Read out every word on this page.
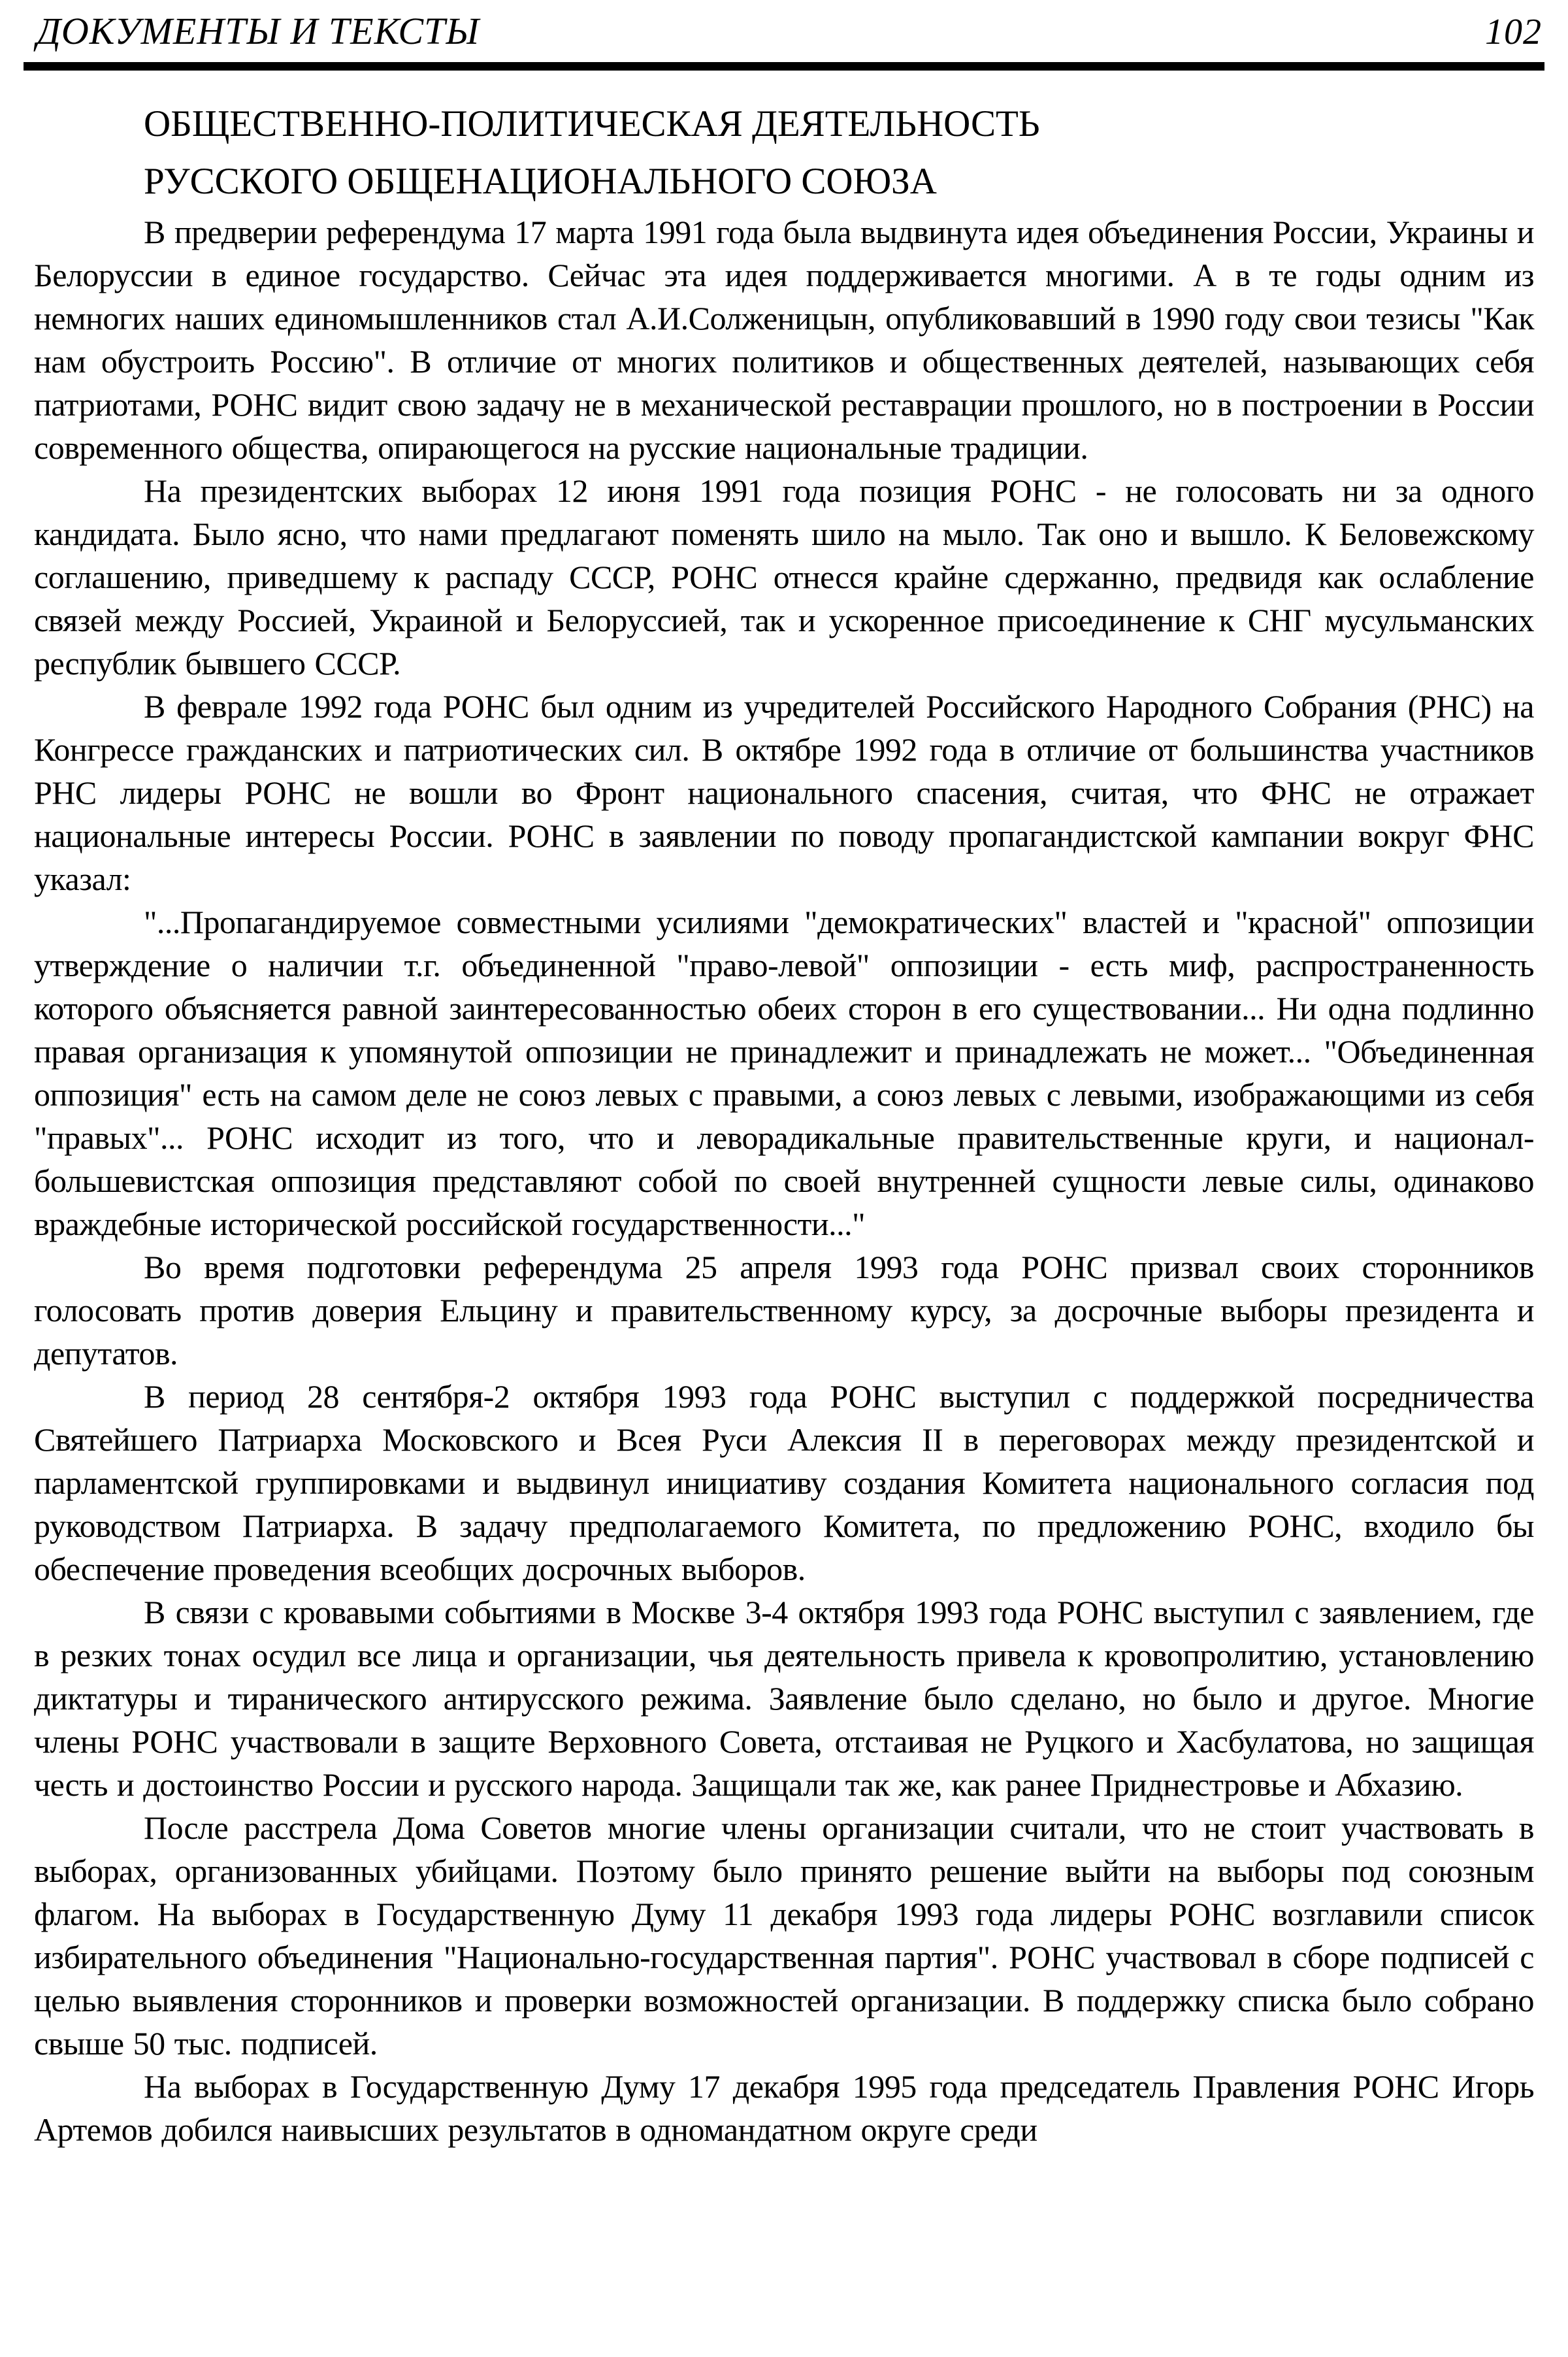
ДОКУМЕНТЫ И ТЕКСТЫ	102
ОБЩЕСТВЕННО-ПОЛИТИЧЕСКАЯ ДЕЯТЕЛЬНОСТЬ
РУССКОГО ОБЩЕНАЦИОНАЛЬНОГО СОЮЗА

В предверии референдума 17 марта 1991 года была выдвинута идея объединения России, Украины и Белоруссии в единое государство. Сейчас эта идея поддерживается многими. А в те годы одним из немногих наших единомышленников стал А.И.Солженицын, опубликовавший в 1990 году свои тезисы "Как нам обустроить Россию". В отличие от многих политиков и общественных деятелей, называющих себя патриотами, РОНС видит свою задачу не в механической реставрации прошлого, но в построении в России современного общества, опирающегося на русские национальные традиции.

На президентских выборах 12 июня 1991 года позиция РОНС - не голосовать ни за одного кандидата. Было ясно, что нами предлагают поменять шило на мыло. Так оно и вышло. К Беловежскому соглашению, приведшему к распаду СССР, РОНС отнесся крайне сдержанно, предвидя как ослабление связей между Россией, Украиной и Белоруссией, так и ускоренное присоединение к СНГ мусульманских республик бывшего СССР.

В феврале 1992 года РОНС был одним из учредителей Российского Народного Собрания (РНС) на Конгрессе гражданских и патриотических сил. В октябре 1992 года в отличие от большинства участников РНС лидеры РОНС не вошли во Фронт национального спасения, считая, что ФНС не отражает национальные интересы России. РОНС в заявлении по поводу пропагандистской кампании вокруг ФНС указал:

"...Пропагандируемое совместными усилиями "демократических" властей и "красной" оппозиции утверждение о наличии т.г. объединенной "право-левой" оппозиции - есть миф, распространенность которого объясняется равной заинтересованностью обеих сторон в его существовании... Ни одна подлинно правая организация к упомянутой оппозиции не принадлежит и принадлежать не может... "Объединенная оппозиция" есть на самом деле не союз левых с правыми, а союз левых с левыми, изображающими из себя "правых"... РОНС исходит из того, что и леворадикальные правительственные круги, и национал-большевистская оппозиция представляют собой по своей внутренней сущности левые силы, одинаково враждебные исторической российской государственности..."

Во время подготовки референдума 25 апреля 1993 года РОНС призвал своих сторонников голосовать против доверия Ельцину и правительственному курсу, за досрочные выборы президента и депутатов.

В период 28 сентября-2 октября 1993 года РОНС выступил с поддержкой посредничества Святейшего Патриарха Московского и Всея Руси Алексия II в переговорах между президентской и парламентской группировками и выдвинул инициативу создания Комитета национального согласия под руководством Патриарха. В задачу предполагаемого Комитета, по предложению РОНС, входило бы обеспечение проведения всеобщих досрочных выборов.

В связи с кровавыми событиями в Москве 3-4 октября 1993 года РОНС выступил с заявлением, где в резких тонах осудил все лица и организации, чья деятельность привела к кровопролитию, установлению диктатуры и тиранического антирусского режима. Заявление было сделано, но было и другое. Многие члены РОНС участвовали в защите Верховного Совета, отстаивая не Руцкого и Хасбулатова, но защищая честь и достоинство России и русского народа. Защищали так же, как ранее Приднестровье и Абхазию.

После расстрела Дома Советов многие члены организации считали, что не стоит участвовать в выборах, организованных убийцами. Поэтому было принято решение выйти на выборы под союзным флагом. На выборах в Государственную Думу 11 декабря 1993 года лидеры РОНС возглавили список избирательного объединения "Национально-государственная партия". РОНС участвовал в сборе подписей с целью выявления сторонников и проверки возможностей организации. В поддержку списка было собрано свыше 50 тыс. подписей.

На выборах в Государственную Думу 17 декабря 1995 года председатель Правления РОНС Игорь Артемов добился наивысших результатов в одномандатном округе среди
